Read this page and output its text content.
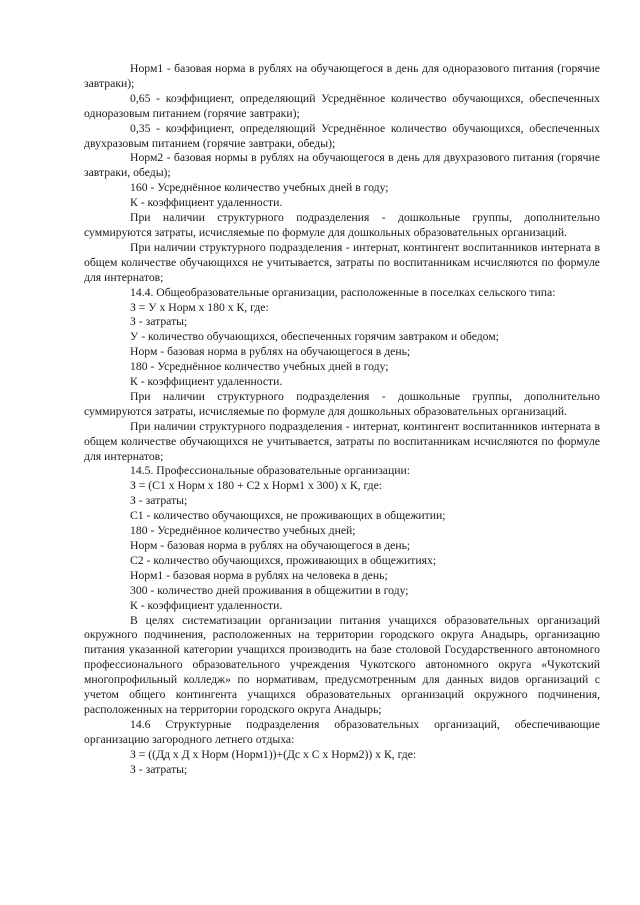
Норм1 - базовая норма в рублях на обучающегося в день для одноразового питания (горячие завтраки);

0,65 - коэффициент, определяющий Усреднённое количество обучающихся, обеспеченных одноразовым питанием (горячие завтраки);

0,35 - коэффициент, определяющий Усреднённое количество обучающихся, обеспеченных двухразовым питанием (горячие завтраки, обеды);

Норм2 - базовая нормы в рублях на обучающегося в день для двухразового питания (горячие завтраки, обеды);

160 - Усреднённое количество учебных дней в году;

К - коэффициент удаленности.

При наличии структурного подразделения - дошкольные группы, дополнительно суммируются затраты, исчисляемые по формуле для дошкольных образовательных организаций.

При наличии структурного подразделения - интернат, контингент воспитанников интерната в общем количестве обучающихся не учитывается, затраты по воспитанникам исчисляются по формуле для интернатов;

14.4. Общеобразовательные организации, расположенные в поселках сельского типа:

З = У х Норм х 180 х К, где:

З - затраты;

У - количество обучающихся, обеспеченных горячим завтраком и обедом;

Норм - базовая норма в рублях на обучающегося в день;

180 - Усреднённое количество учебных дней в году;

К - коэффициент удаленности.

При наличии структурного подразделения - дошкольные группы, дополнительно суммируются затраты, исчисляемые по формуле для дошкольных образовательных организаций.

При наличии структурного подразделения - интернат, контингент воспитанников интерната в общем количестве обучающихся не учитывается, затраты по воспитанникам исчисляются по формуле для интернатов;

14.5. Профессиональные образовательные организации:

З = (С1 х Норм х 180 + С2 х Норм1 х 300) х К, где:

З - затраты;

С1 - количество обучающихся, не проживающих в общежитии;

180 - Усреднённое количество учебных дней;

Норм - базовая норма в рублях на обучающегося в день;

С2 - количество обучающихся, проживающих в общежитиях;

Норм1 - базовая норма в рублях на человека в день;

300 - количество дней проживания в общежитии в году;

К - коэффициент удаленности.

В целях систематизации организации питания учащихся образовательных организаций окружного подчинения, расположенных на территории городского округа Анадырь, организацию питания указанной категории учащихся производить на базе столовой Государственного автономного профессионального образовательного учреждения Чукотского автономного округа «Чукотский многопрофильный колледж» по нормативам, предусмотренным для данных видов организаций с учетом общего контингента учащихся образовательных организаций окружного подчинения, расположенных на территории городского округа Анадырь;

14.6 Структурные подразделения образовательных организаций, обеспечивающие организацию загородного летнего отдыха:

З = ((Дд х Д х Норм (Норм1))+(Дс х С х Норм2)) х К, где:

З - затраты;
